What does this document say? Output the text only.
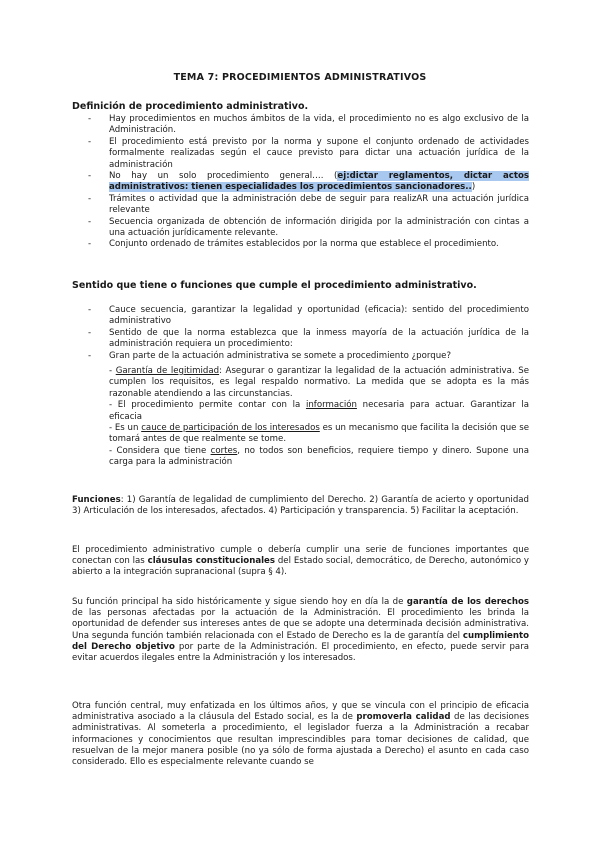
TEMA 7: PROCEDIMIENTOS ADMINISTRATIVOS
Definición de procedimiento administrativo.
- Hay procedimientos en muchos ámbitos de la vida, el procedimiento no es algo exclusivo de la Administración.
- El procedimiento está previsto por la norma y supone el conjunto ordenado de actividades formalmente realizadas según el cauce previsto para dictar una actuación jurídica de la administración
- No hay un solo procedimiento general…. (ej:dictar reglamentos, dictar actos administrativos: tienen especialidades los procedimientos sancionadores..)
- Trámites o actividad que la administración debe de seguir para realizAR una actuación jurídica relevante
- Secuencia organizada de obtención de información dirigida por la administración con cintas a una actuación jurídicamente relevante.
- Conjunto ordenado de trámites establecidos por la norma que establece el procedimiento.
Sentido que tiene o funciones que cumple el procedimiento administrativo.
- Cauce secuencia, garantizar la legalidad y oportunidad (eficacia): sentido del procedimiento administrativo
- Sentido de que la norma establezca que la inmess mayoría de la actuación jurídica de la administración requiera un procedimiento:
- Gran parte de la actuación administrativa se somete a procedimiento ¿porque?
- Garantía de legitimidad: Asegurar o garantizar la legalidad de la actuación administrativa. Se cumplen los requisitos, es legal respaldo normativo. La medida que se adopta es la más razonable atendiendo a las circunstancias.
- El procedimiento permite contar con la información necesaria para actuar. Garantizar la eficacia
- Es un cauce de participación de los interesados es un mecanismo que facilita la decisión que se tomará antes de que realmente se tome.
- Considera que tiene cortes, no todos son beneficios, requiere tiempo y dinero. Supone una carga para la administración

Funciones: 1) Garantía de legalidad de cumplimiento del Derecho. 2) Garantía de acierto y oportunidad 3) Articulación de los interesados, afectados. 4) Participación y transparencia. 5) Facilitar la aceptación.

El procedimiento administrativo cumple o debería cumplir una serie de funciones importantes que conectan con las cláusulas constitucionales del Estado social, democrático, de Derecho, autonómico y abierto a la integración supranacional (supra § 4).

Su función principal ha sido históricamente y sigue siendo hoy en día la de garantía de los derechos de las personas afectadas por la actuación de la Administración. El procedimiento les brinda la oportunidad de defender sus intereses antes de que se adopte una determinada decisión administrativa. Una segunda función también relacionada con el Estado de Derecho es la de garantía del cumplimiento del Derecho objetivo por parte de la Administración. El procedimiento, en efecto, puede servir para evitar acuerdos ilegales entre la Administración y los interesados.

Otra función central, muy enfatizada en los últimos años, y que se vincula con el principio de eficacia administrativa asociado a la cláusula del Estado social, es la de promoverla calidad de las decisiones administrativas. Al someterla a procedimiento, el legislador fuerza a la Administración a recabar informaciones y conocimientos que resultan imprescindibles para tomar decisiones de calidad, que resuelvan de la mejor manera posible (no ya sólo de forma ajustada a Derecho) el asunto en cada caso considerado. Ello es especialmente relevante cuando se
